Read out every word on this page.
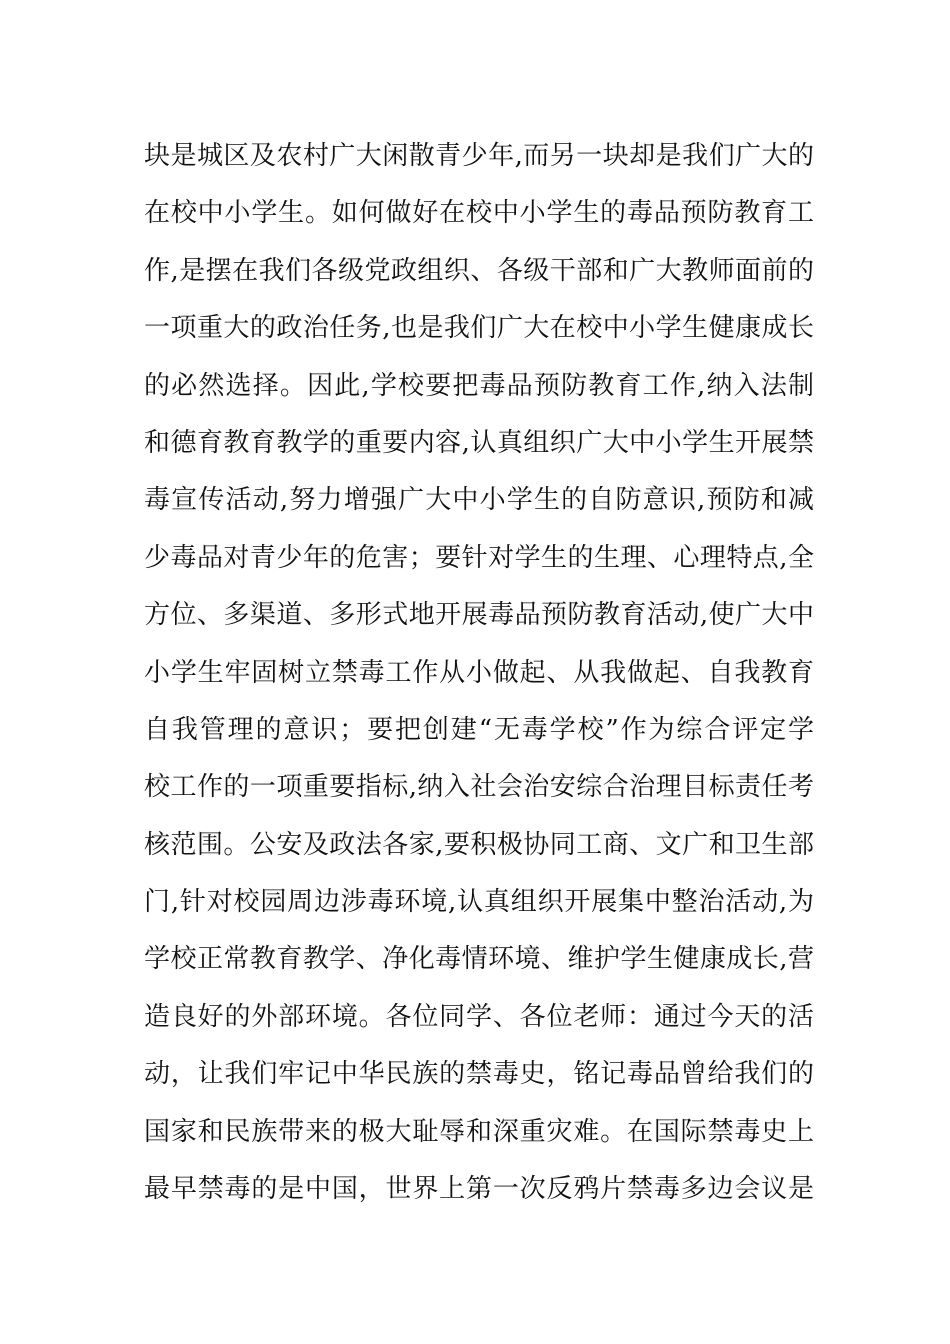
块是城区及农村广大闲散青少年,而另一块却是我们广大的
在校中小学生。如何做好在校中小学生的毒品预防教育工
作,是摆在我们各级党政组织、各级干部和广大教师面前的
一项重大的政治任务,也是我们广大在校中小学生健康成长
的必然选择。因此,学校要把毒品预防教育工作,纳入法制
和德育教育教学的重要内容,认真组织广大中小学生开展禁
毒宣传活动,努力增强广大中小学生的自防意识,预防和减
少毒品对青少年的危害；要针对学生的生理、心理特点,全
方位、多渠道、多形式地开展毒品预防教育活动,使广大中
小学生牢固树立禁毒工作从小做起、从我做起、自我教育
自我管理的意识；要把创建“无毒学校”作为综合评定学
校工作的一项重要指标,纳入社会治安综合治理目标责任考
核范围。公安及政法各家,要积极协同工商、文广和卫生部
门,针对校园周边涉毒环境,认真组织开展集中整治活动,为
学校正常教育教学、净化毒情环境、维护学生健康成长,营
造良好的外部环境。各位同学、各位老师：通过今天的活
动，让我们牢记中华民族的禁毒史，铭记毒品曾给我们的
国家和民族带来的极大耻辱和深重灾难。在国际禁毒史上
最早禁毒的是中国，世界上第一次反鸦片禁毒多边会议是
